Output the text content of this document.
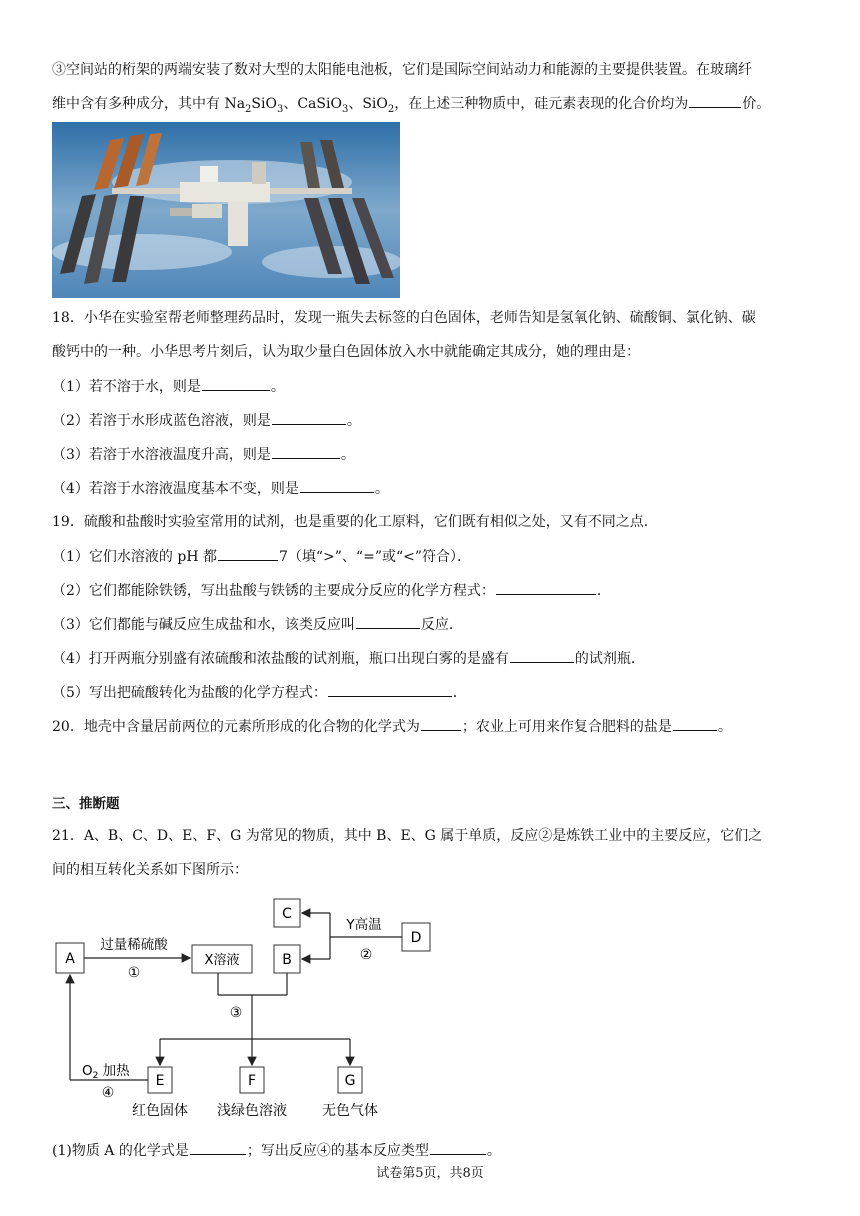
③空间站的桁架的两端安装了数对大型的太阳能电池板，它们是国际空间站动力和能源的主要提供装置。在玻璃纤
维中含有多种成分，其中有 $Na_2SiO_3$、CaSiO$_3$、SiO$_2$，在上述三种物质中，硅元素表现的化合价均为	价。
18．小华在实验室帮老师整理药品时，发现一瓶失去标签的白色固体，老师告知是氢氧化钠、硫酸铜、氯化钠、碳
酸钙中的一种。小华思考片刻后，认为取少量白色固体放入水中就能确定其成分，她的理由是：
（1）若不溶于水，则是	。
（2）若溶于水形成蓝色溶液，则是	。
（3）若溶于水溶液温度升高，则是	。
（4）若溶于水溶液温度基本不变，则是	。
19．硫酸和盐酸时实验室常用的试剂，也是重要的化工原料，它们既有相似之处，又有不同之点．
（1）它们水溶液的 pH 都	7（填“>”、“=”或“<”符合）．
（2）它们都能除铁锈，写出盐酸与铁锈的主要成分反应的化学方程式：	．
（3）它们都能与碱反应生成盐和水，该类反应叫	反应．
（4）打开两瓶分别盛有浓硫酸和浓盐酸的试剂瓶，瓶口出现白雾的是盛有	的试剂瓶．
（5）写出把硫酸转化为盐酸的化学方程式：	．
20．地壳中含量居前两位的元素所形成的化合物的化学式为	；农业上可用来作复合肥料的盐是	。
三、推断题
21．A、B、C、D、E、F、G 为常见的物质，其中 B、E、G 属于单质，反应②是炼铁工业中的主要反应，它们之
间的相互转化关系如下图所示：
A	X溶液	B
C
D
E	F	G
过量稀硫酸
①
Y高温
②
③
$O_2$ 加热
④
红色固体 浅绿色溶液	无色气体
(1)物质 A 的化学式是	；写出反应④的基本反应类型	。
试卷第5页，共8页
